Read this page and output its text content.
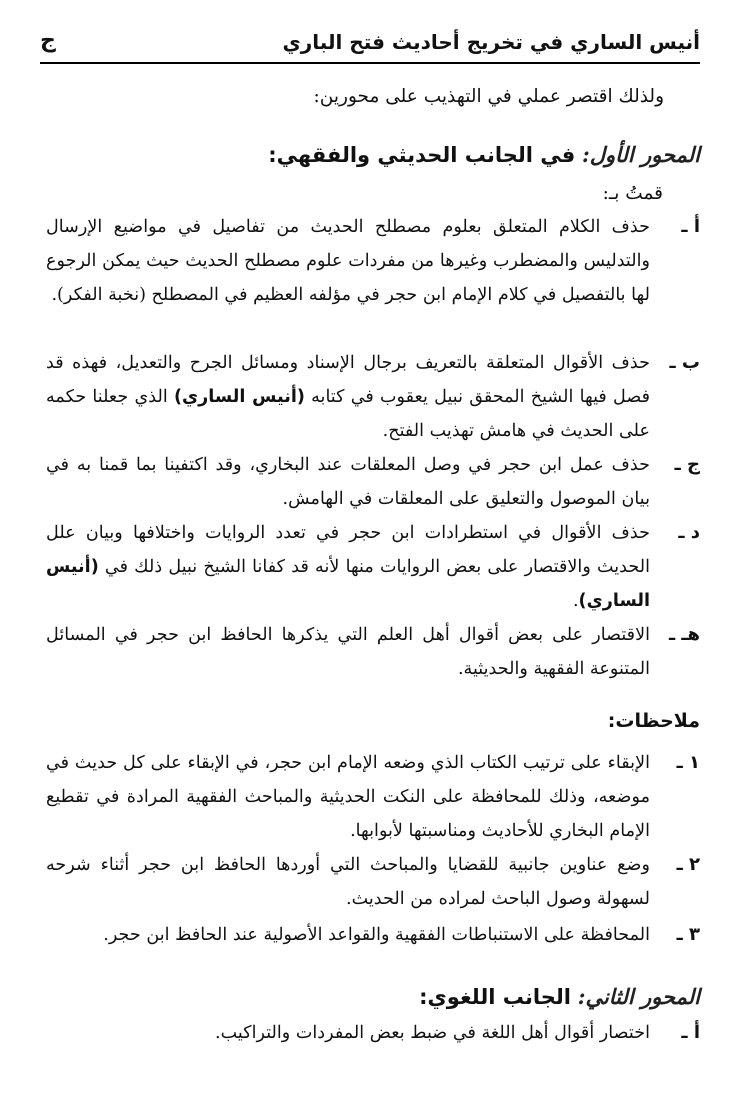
أنيس الساري في تخريج أحاديث فتح الباري
ج
ولذلك اقتصر عملي في التهذيب على محورين:
المحور الأول: في الجانب الحديثي والفقهي:
قمتُ بـ:
أ ـ
حذف الكلام المتعلق بعلوم مصطلح الحديث من تفاصيل في مواضيع الإرسال والتدليس والمضطرب وغيرها من مفردات علوم مصطلح الحديث حيث يمكن الرجوع لها بالتفصيل في كلام الإمام ابن حجر في مؤلفه العظيم في المصطلح (نخبة الفكر).
ب ـ
حذف الأقوال المتعلقة بالتعريف برجال الإسناد ومسائل الجرح والتعديل، فهذه قد فصل فيها الشيخ المحقق نبيل يعقوب في كتابه (أنيس الساري) الذي جعلنا حكمه على الحديث في هامش تهذيب الفتح.
ج ـ
حذف عمل ابن حجر في وصل المعلقات عند البخاري، وقد اكتفينا بما قمنا به في بيان الموصول والتعليق على المعلقات في الهامش.
د ـ
حذف الأقوال في استطرادات ابن حجر في تعدد الروايات واختلافها وبيان علل الحديث والاقتصار على بعض الروايات منها لأنه قد كفانا الشيخ نبيل ذلك في (أنيس الساري).
هـ ـ
الاقتصار على بعض أقوال أهل العلم التي يذكرها الحافظ ابن حجر في المسائل المتنوعة الفقهية والحديثية.
ملاحظات:
١ ـ
الإبقاء على ترتيب الكتاب الذي وضعه الإمام ابن حجر، في الإبقاء على كل حديث في موضعه، وذلك للمحافظة على النكت الحديثية والمباحث الفقهية المرادة في تقطيع الإمام البخاري للأحاديث ومناسبتها لأبوابها.
٢ ـ
وضع عناوين جانبية للقضايا والمباحث التي أوردها الحافظ ابن حجر أثناء شرحه لسهولة وصول الباحث لمراده من الحديث.
٣ ـ
المحافظة على الاستنباطات الفقهية والقواعد الأصولية عند الحافظ ابن حجر.
المحور الثاني: الجانب اللغوي:
أ ـ
اختصار أقوال أهل اللغة في ضبط بعض المفردات والتراكيب.
